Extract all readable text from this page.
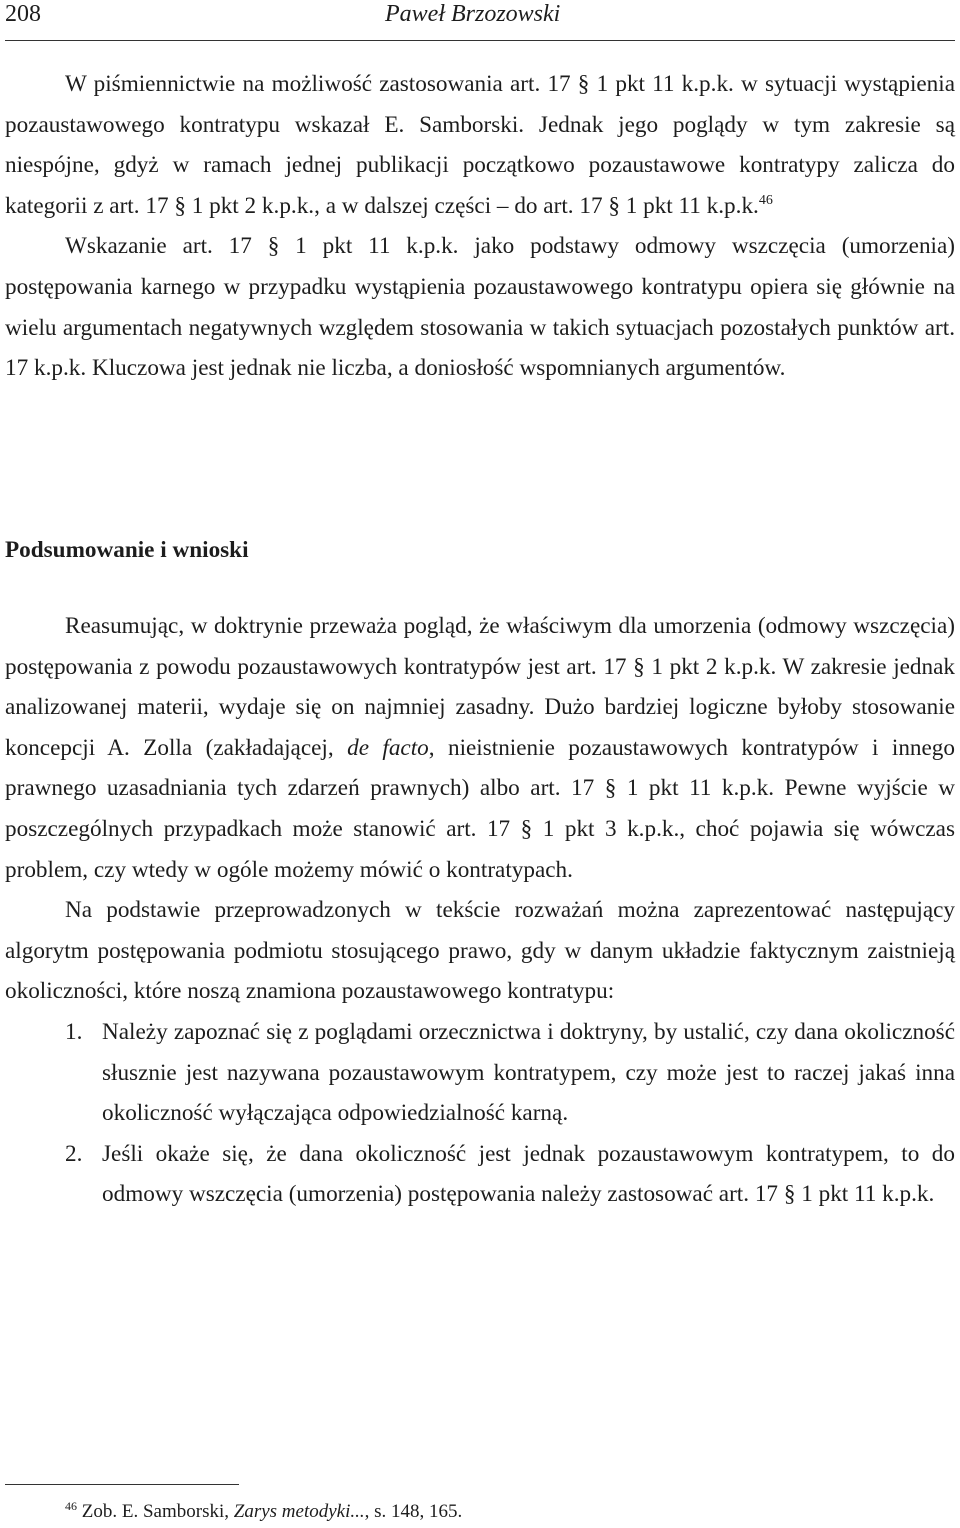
208	Paweł Brzozowski

W piśmiennictwie na możliwość zastosowania art. 17 § 1 pkt 11 k.p.k. w sytuacji wystąpienia pozaustawowego kontratypu wskazał E. Samborski. Jednak jego poglądy w tym zakresie są niespójne, gdyż w ramach jednej publikacji początkowo pozaustawowe kontratypy zalicza do kategorii z art. 17 § 1 pkt 2 k.p.k., a w dalszej części – do art. 17 § 1 pkt 11 k.p.k.$^{46}$

Wskazanie art. 17 § 1 pkt 11 k.p.k. jako podstawy odmowy wszczęcia (umorzenia) postępowania karnego w przypadku wystąpienia pozaustawowego kontratypu opiera się głównie na wielu argumentach negatywnych względem stosowania w takich sytuacjach pozostałych punktów art. 17 k.p.k. Kluczowa jest jednak nie liczba, a doniosłość wspomnianych argumentów.

Podsumowanie i wnioski

Reasumując, w doktrynie przeważa pogląd, że właściwym dla umorzenia (odmowy wszczęcia) postępowania z powodu pozaustawowych kontratypów jest art. 17 § 1 pkt 2 k.p.k. W zakresie jednak analizowanej materii, wydaje się on najmniej zasadny. Dużo bardziej logiczne byłoby stosowanie koncepcji A. Zolla (zakładającej, de facto, nieistnienie pozaustawowych kontratypów i innego prawnego uzasadniania tych zdarzeń prawnych) albo art. 17 § 1 pkt 11 k.p.k. Pewne wyjście w poszczególnych przypadkach może stanowić art. 17 § 1 pkt 3 k.p.k., choć pojawia się wówczas problem, czy wtedy w ogóle możemy mówić o kontratypach.

Na podstawie przeprowadzonych w tekście rozważań można zaprezentować następujący algorytm postępowania podmiotu stosującego prawo, gdy w danym układzie faktycznym zaistnieją okoliczności, które noszą znamiona pozaustawowego kontratypu:

1. Należy zapoznać się z poglądami orzecznictwa i doktryny, by ustalić, czy dana okoliczność słusznie jest nazywana pozaustawowym kontratypem, czy może jest to raczej jakaś inna okoliczność wyłączająca odpowiedzialność karną.
2. Jeśli okaże się, że dana okoliczność jest jednak pozaustawowym kontratypem, to do odmowy wszczęcia (umorzenia) postępowania należy zastosować art. 17 § 1 pkt 11 k.p.k.
$^{46}$ Zob. E. Samborski, Zarys metodyki..., s. 148, 165.
